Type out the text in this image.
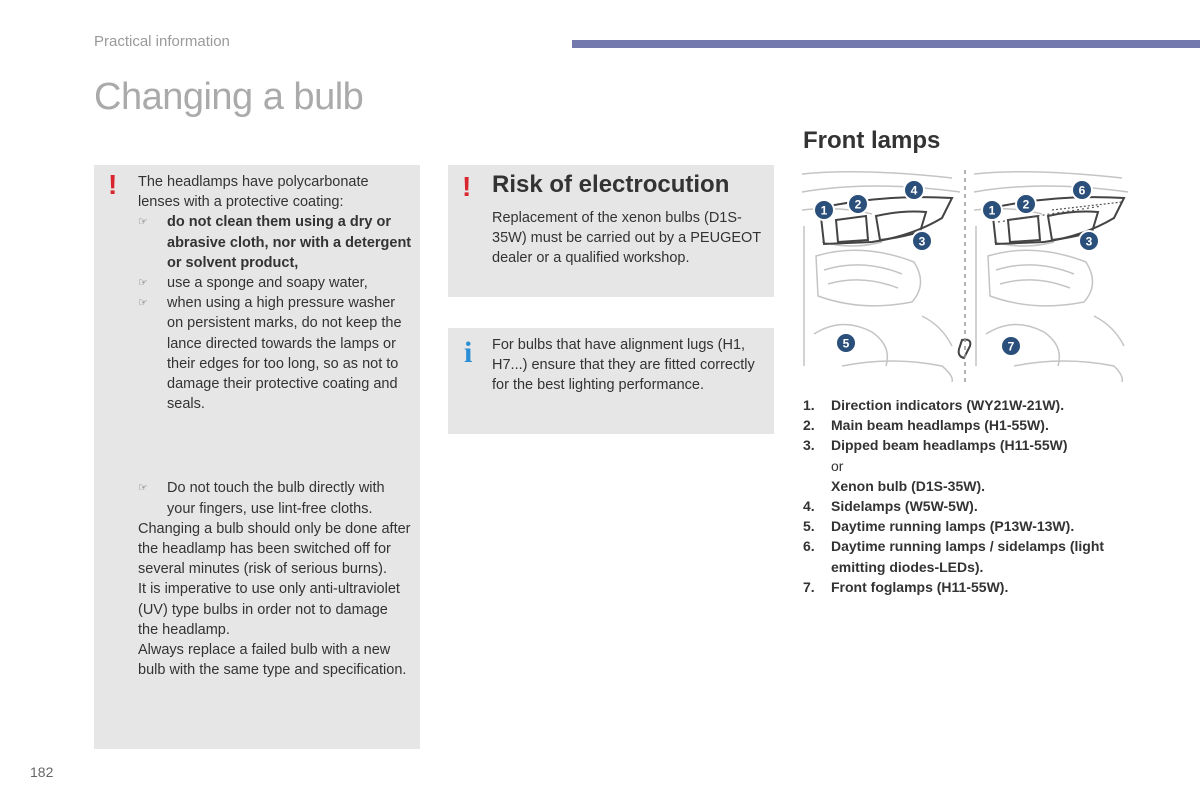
Practical information
Changing a bulb
! The headlamps have polycarbonate lenses with a protective coating:

☞ do not clean them using a dry or abrasive cloth, nor with a detergent or solvent product,
☞ use a sponge and soapy water,
☞ when using a high pressure washer on persistent marks, do not keep the lance directed towards the lamps or their edges for too long, so as not to damage their protective coating and seals.
☞ Do not touch the bulb directly with your fingers, use lint-free cloths.

Changing a bulb should only be done after the headlamp has been switched off for several minutes (risk of serious burns).

It is imperative to use only anti-ultraviolet (UV) type bulbs in order not to damage the headlamp.

Always replace a failed bulb with a new bulb with the same type and specification.

! Risk of electrocution

Replacement of the xenon bulbs (D1S-35W) must be carried out by a PEUGEOT dealer or a qualified workshop.

i For bulbs that have alignment lugs (H1, H7...) ensure that they are fitted correctly for the best lighting performance.

Front lamps
1 2
3
4
5
1 2
3
6
7
1. Direction indicators (WY21W-21W).
2. Main beam headlamps (H1-55W).
3. Dipped beam headlamps (H11-55W)
or
Xenon bulb (D1S-35W).
4. Sidelamps (W5W-5W).
5. Daytime running lamps (P13W-13W).
6. Daytime running lamps / sidelamps (light emitting diodes-LEDs).
7. Front foglamps (H11-55W).
182
